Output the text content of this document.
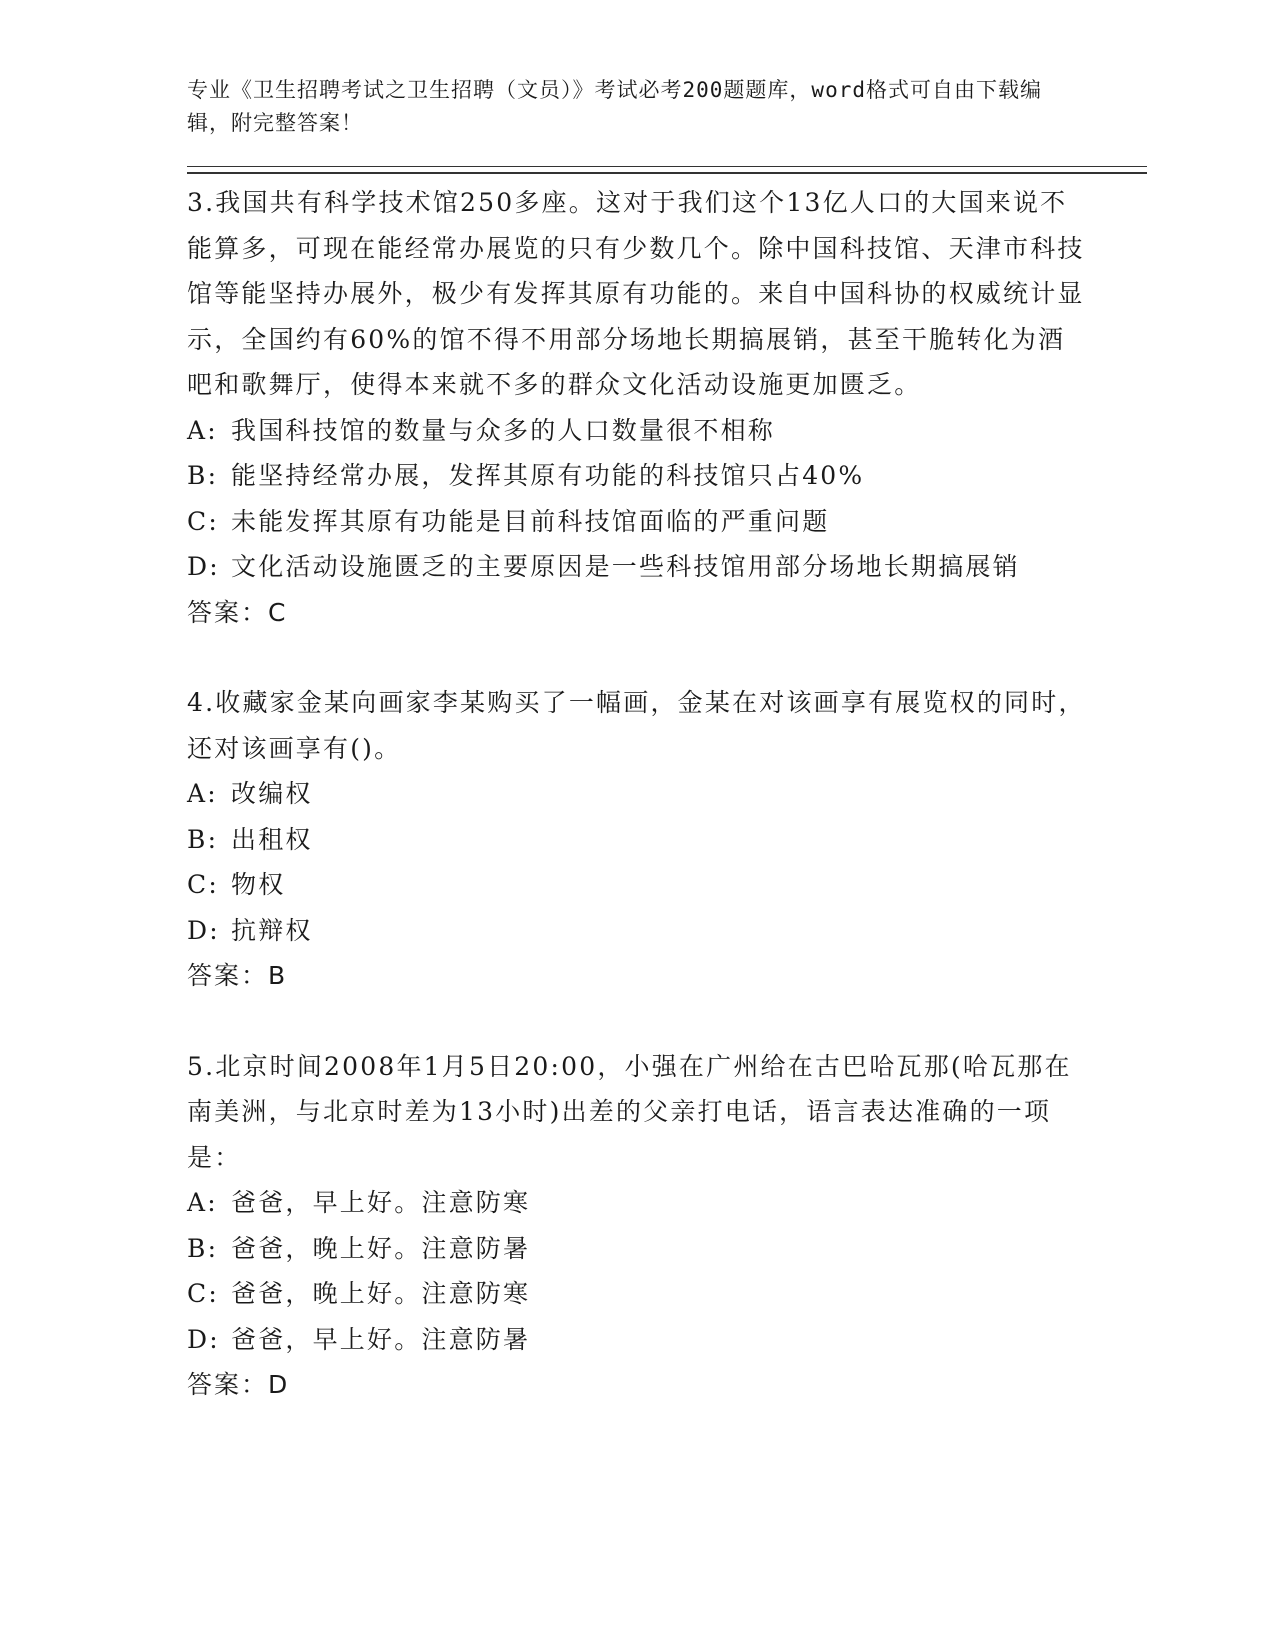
专业《卫生招聘考试之卫生招聘（文员）》考试必考200题题库，word格式可自由下载编辑，附完整答案！

3.我国共有科学技术馆250多座。这对于我们这个13亿人口的大国来说不能算多，可现在能经常办展览的只有少数几个。除中国科技馆、天津市科技馆等能坚持办展外，极少有发挥其原有功能的。来自中国科协的权威统计显示，全国约有60%的馆不得不用部分场地长期搞展销，甚至干脆转化为酒吧和歌舞厅，使得本来就不多的群众文化活动设施更加匮乏。

A: 我国科技馆的数量与众多的人口数量很不相称
B: 能坚持经常办展，发挥其原有功能的科技馆只占40%
C: 未能发挥其原有功能是目前科技馆面临的严重问题
D: 文化活动设施匮乏的主要原因是一些科技馆用部分场地长期搞展销

答案：C

4.收藏家金某向画家李某购买了一幅画，金某在对该画享有展览权的同时，还对该画享有()。

A: 改编权
B: 出租权
C: 物权
D: 抗辩权

答案：B

5.北京时间2008年1月5日20:00，小强在广州给在古巴哈瓦那(哈瓦那在南美洲，与北京时差为13小时)出差的父亲打电话，语言表达准确的一项是：

A: 爸爸，早上好。注意防寒
B: 爸爸，晚上好。注意防暑
C: 爸爸，晚上好。注意防寒
D: 爸爸，早上好。注意防暑

答案：D
